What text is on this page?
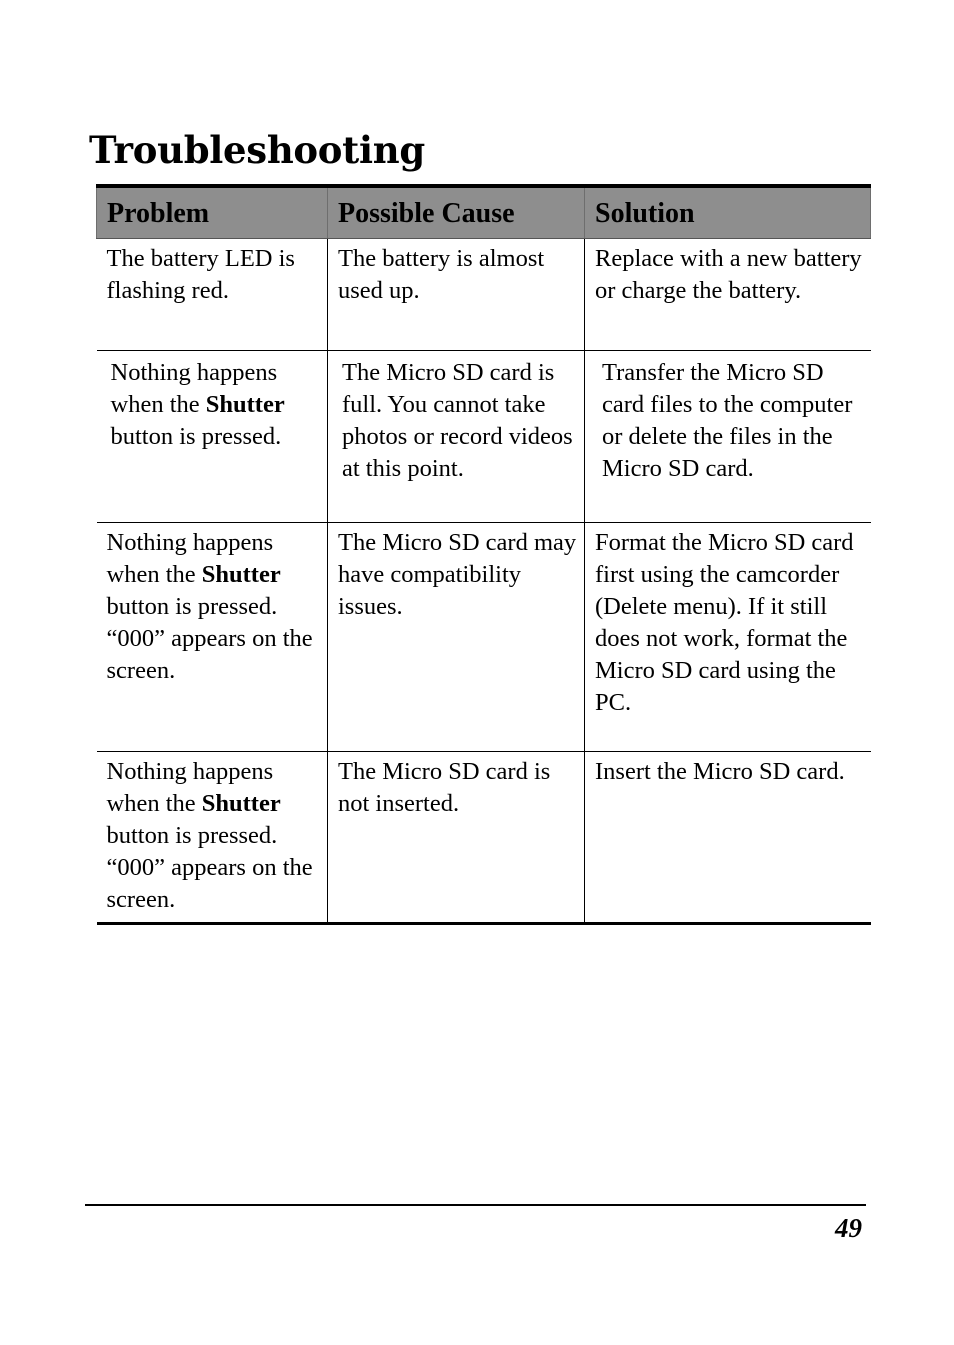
Troubleshooting
Problem	Possible Cause	Solution
The battery LED is flashing red.	The battery is almost used up.	Replace with a new battery or charge the battery.
Nothing happens when the Shutter button is pressed.	The Micro SD card is full. You cannot take photos or record videos at this point.	Transfer the Micro SD card files to the computer or delete the files in the Micro SD card.
Nothing happens when the Shutter button is pressed. “000” appears on the screen.	The Micro SD card may have compatibility issues.	Format the Micro SD card first using the camcorder (Delete menu). If it still does not work, format the Micro SD card using the PC.
Nothing happens when the Shutter button is pressed. “000” appears on the screen.	The Micro SD card is not inserted.	Insert the Micro SD card.
49
